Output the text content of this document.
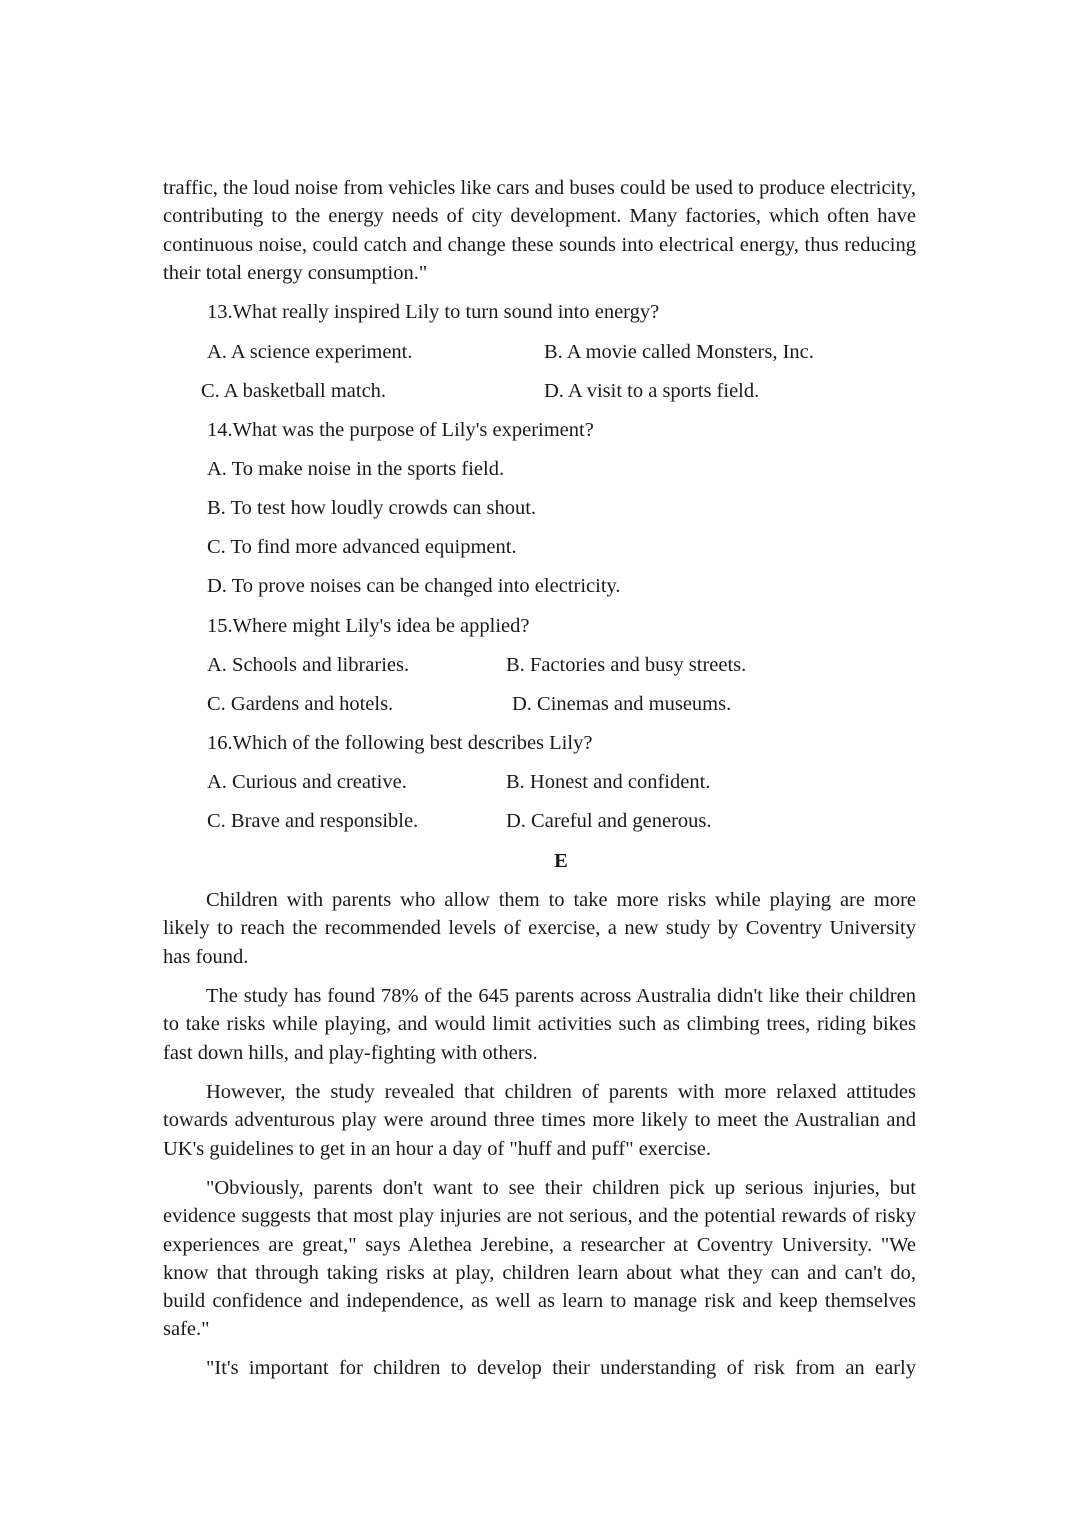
traffic, the loud noise from vehicles like cars and buses could be used to produce electricity, contributing to the energy needs of city development. Many factories, which often have continuous noise, could catch and change these sounds into electrical energy, thus reducing their total energy consumption."

13.What really inspired Lily to turn sound into energy?
A. A science experiment.	B. A movie called Monsters, Inc.
C. A basketball match.	D. A visit to a sports field.
14.What was the purpose of Lily's experiment?
A. To make noise in the sports field.
B. To test how loudly crowds can shout.
C. To find more advanced equipment.
D. To prove noises can be changed into electricity.
15.Where might Lily's idea be applied?
A. Schools and libraries.	B. Factories and busy streets.
C. Gardens and hotels.	D. Cinemas and museums.
16.Which of the following best describes Lily?
A. Curious and creative.	B. Honest and confident.
C. Brave and responsible.	D. Careful and generous.
E

Children with parents who allow them to take more risks while playing are more likely to reach the recommended levels of exercise, a new study by Coventry University has found.

The study has found 78% of the 645 parents across Australia didn't like their children to take risks while playing, and would limit activities such as climbing trees, riding bikes fast down hills, and play-fighting with others.

However, the study revealed that children of parents with more relaxed attitudes towards adventurous play were around three times more likely to meet the Australian and UK's guidelines to get in an hour a day of "huff and puff" exercise.

"Obviously, parents don't want to see their children pick up serious injuries, but evidence suggests that most play injuries are not serious, and the potential rewards of risky experiences are great," says Alethea Jerebine, a researcher at Coventry University. "We know that through taking risks at play, children learn about what they can and can't do, build confidence and independence, as well as learn to manage risk and keep themselves safe."

"It's important for children to develop their understanding of risk from an early
